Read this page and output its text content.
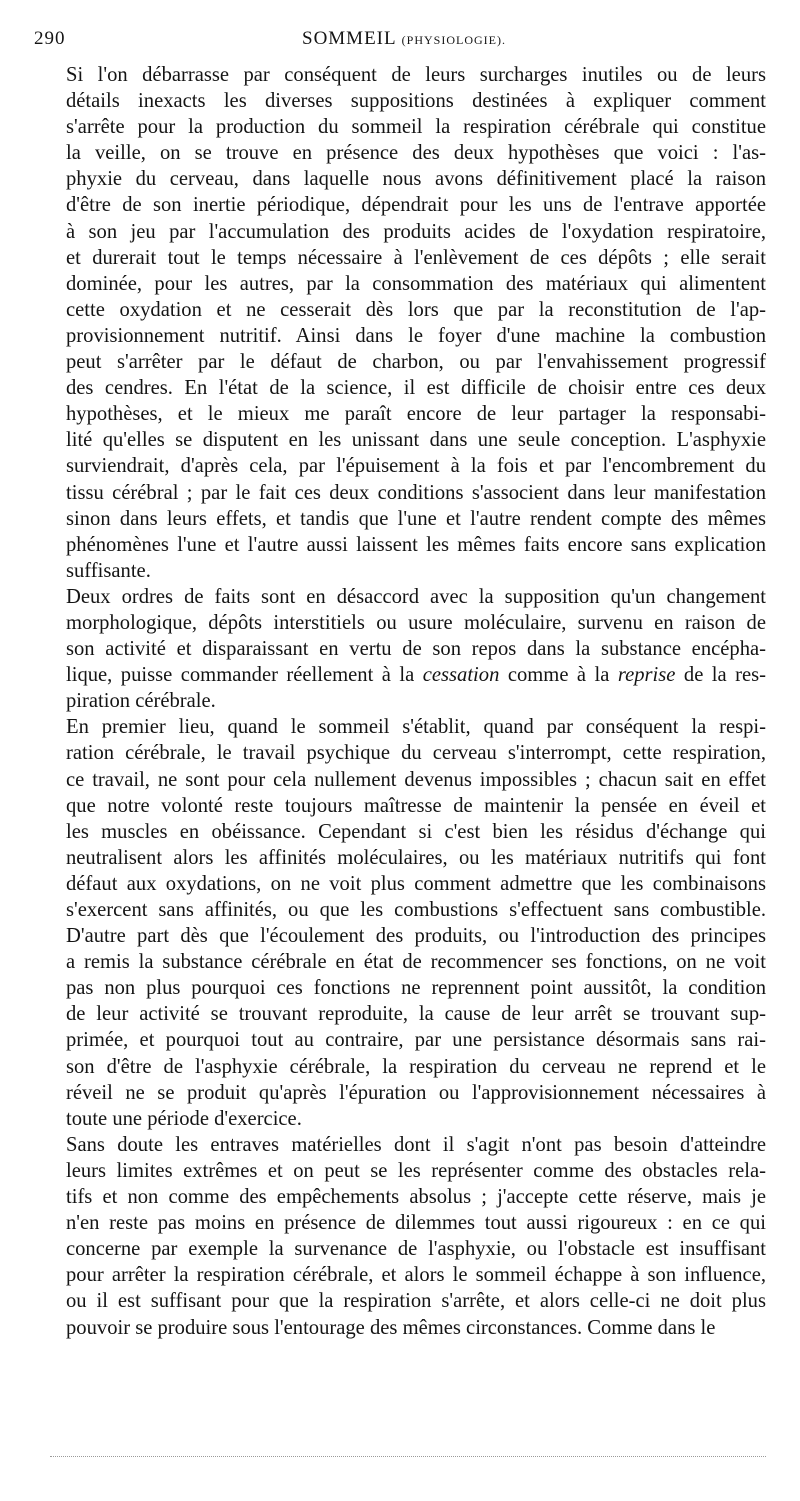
290	SOMMEIL (PHYSIOLOGIE).

Si l'on débarrasse par conséquent de leurs surcharges inutiles ou de leurs
détails inexacts les diverses suppositions destinées à expliquer comment
s'arrête pour la production du sommeil la respiration cérébrale qui constitue
la veille, on se trouve en présence des deux hypothèses que voici : l'as-
phyxie du cerveau, dans laquelle nous avons définitivement placé la raison
d'être de son inertie périodique, dépendrait pour les uns de l'entrave apportée
à son jeu par l'accumulation des produits acides de l'oxydation respiratoire,
et durerait tout le temps nécessaire à l'enlèvement de ces dépôts ; elle serait
dominée, pour les autres, par la consommation des matériaux qui alimentent
cette oxydation et ne cesserait dès lors que par la reconstitution de l'ap-
provisionnement nutritif. Ainsi dans le foyer d'une machine la combustion
peut s'arrêter par le défaut de charbon, ou par l'envahissement progressif
des cendres. En l'état de la science, il est difficile de choisir entre ces deux
hypothèses, et le mieux me paraît encore de leur partager la responsabi-
lité qu'elles se disputent en les unissant dans une seule conception. L'asphyxie
surviendrait, d'après cela, par l'épuisement à la fois et par l'encombrement du
tissu cérébral ; par le fait ces deux conditions s'associent dans leur manifestation
sinon dans leurs effets, et tandis que l'une et l'autre rendent compte des mêmes
phénomènes l'une et l'autre aussi laissent les mêmes faits encore sans explication
suffisante.

Deux ordres de faits sont en désaccord avec la supposition qu'un changement
morphologique, dépôts interstitiels ou usure moléculaire, survenu en raison de
son activité et disparaissant en vertu de son repos dans la substance encépha-
lique, puisse commander réellement à la cessation comme à la reprise de la res-
piration cérébrale.

En premier lieu, quand le sommeil s'établit, quand par conséquent la respi-
ration cérébrale, le travail psychique du cerveau s'interrompt, cette respiration,
ce travail, ne sont pour cela nullement devenus impossibles ; chacun sait en effet
que notre volonté reste toujours maîtresse de maintenir la pensée en éveil et
les muscles en obéissance. Cependant si c'est bien les résidus d'échange qui
neutralisent alors les affinités moléculaires, ou les matériaux nutritifs qui font
défaut aux oxydations, on ne voit plus comment admettre que les combinaisons
s'exercent sans affinités, ou que les combustions s'effectuent sans combustible.
D'autre part dès que l'écoulement des produits, ou l'introduction des principes
a remis la substance cérébrale en état de recommencer ses fonctions, on ne voit
pas non plus pourquoi ces fonctions ne reprennent point aussitôt, la condition
de leur activité se trouvant reproduite, la cause de leur arrêt se trouvant sup-
primée, et pourquoi tout au contraire, par une persistance désormais sans rai-
son d'être de l'asphyxie cérébrale, la respiration du cerveau ne reprend et le
réveil ne se produit qu'après l'épuration ou l'approvisionnement nécessaires à
toute une période d'exercice.

Sans doute les entraves matérielles dont il s'agit n'ont pas besoin d'atteindre
leurs limites extrêmes et on peut se les représenter comme des obstacles rela-
tifs et non comme des empêchements absolus ; j'accepte cette réserve, mais je
n'en reste pas moins en présence de dilemmes tout aussi rigoureux : en ce qui
concerne par exemple la survenance de l'asphyxie, ou l'obstacle est insuffisant
pour arrêter la respiration cérébrale, et alors le sommeil échappe à son influence,
ou il est suffisant pour que la respiration s'arrête, et alors celle-ci ne doit plus
pouvoir se produire sous l'entourage des mêmes circonstances. Comme dans le
